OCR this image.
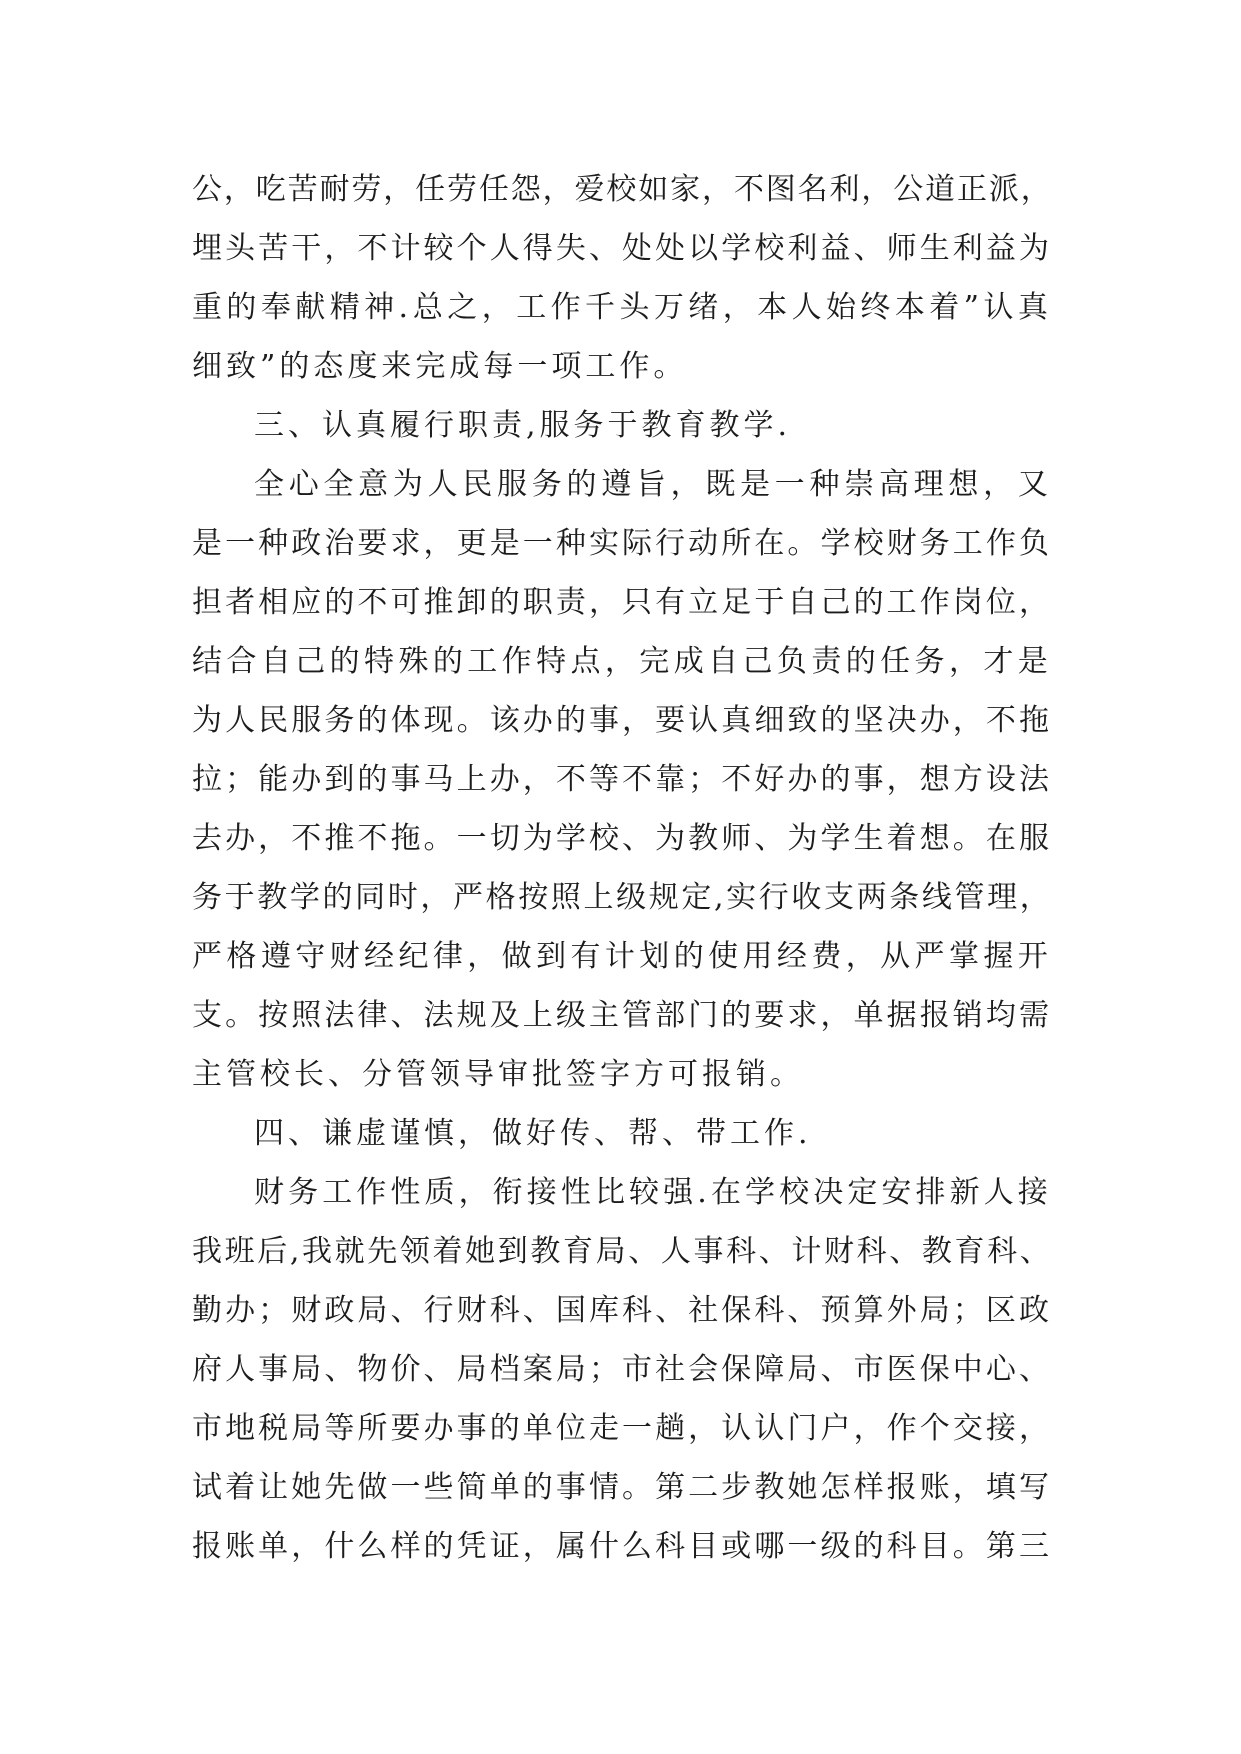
公 ， 吃 苦 耐 劳 ， 任 劳 任 怨 ， 爱 校 如 家 ， 不 图 名 利 ， 公 道 正 派 ，
埋 头 苦 干 ， 不 计 较 个 人 得 失 、 处 处 以 学 校 利 益 、 师 生 利 益 为
重 的 奉 献 精 神 . 总 之 ， 工 作 千 头 万 绪 ， 本 人 始 终 本 着 ” 认 真
细致”的态度来完成每一项工作。
三、认真履行职责,服务于教育教学.
全 心 全 意 为 人 民 服 务 的 遵 旨 ， 既 是 一 种 崇 高 理 想 ， 又
是 一 种 政 治 要 求 ， 更 是 一 种 实 际 行 动 所 在 。 学 校 财 务 工 作 负
担 者 相 应 的 不 可 推 卸 的 职 责 ， 只 有 立 足 于 自 己 的 工 作 岗 位 ，
结 合 自 己 的 特 殊 的 工 作 特 点 ， 完 成 自 己 负 责 的 任 务 ， 才 是
为 人 民 服 务 的 体 现 。 该 办 的 事 ， 要 认 真 细 致 的 坚 决 办 ， 不 拖
拉 ； 能 办 到 的 事 马 上 办 ， 不 等 不 靠 ； 不 好 办 的 事 ， 想 方 设 法
去 办 ， 不 推 不 拖 。 一 切 为 学 校 、 为 教 师 、 为 学 生 着 想 。 在 服
务 于 教 学 的 同 时 ， 严 格 按 照 上 级 规 定 , 实 行 收 支 两 条 线 管 理 ，
严 格 遵 守 财 经 纪 律 ， 做 到 有 计 划 的 使 用 经 费 ， 从 严 掌 握 开
支 。 按 照 法 律 、 法 规 及 上 级 主 管 部 门 的 要 求 ， 单 据 报 销 均 需
主管校长、分管领导审批签字方可报销。
四、谦虚谨慎，做好传、帮、带工作.
财 务 工 作 性 质 ， 衔 接 性 比 较 强 . 在 学 校 决 定 安 排 新 人 接
我 班 后 , 我 就 先 领 着 她 到 教 育 局 、 人 事 科 、 计 财 科 、 教 育 科 、
勤 办 ； 财 政 局 、 行 财 科 、 国 库 科 、 社 保 科 、 预 算 外 局 ； 区 政
府 人 事 局 、 物 价 、 局 档 案 局 ； 市 社 会 保 障 局 、 市 医 保 中 心 、
市 地 税 局 等 所 要 办 事 的 单 位 走 一 趟 ， 认 认 门 户 ， 作 个 交 接 ，
试 着 让 她 先 做 一 些 简 单 的 事 情 。 第 二 步 教 她 怎 样 报 账 ， 填 写
报 账 单 ， 什 么 样 的 凭 证 ， 属 什 么 科 目 或 哪 一 级 的 科 目 。 第 三
